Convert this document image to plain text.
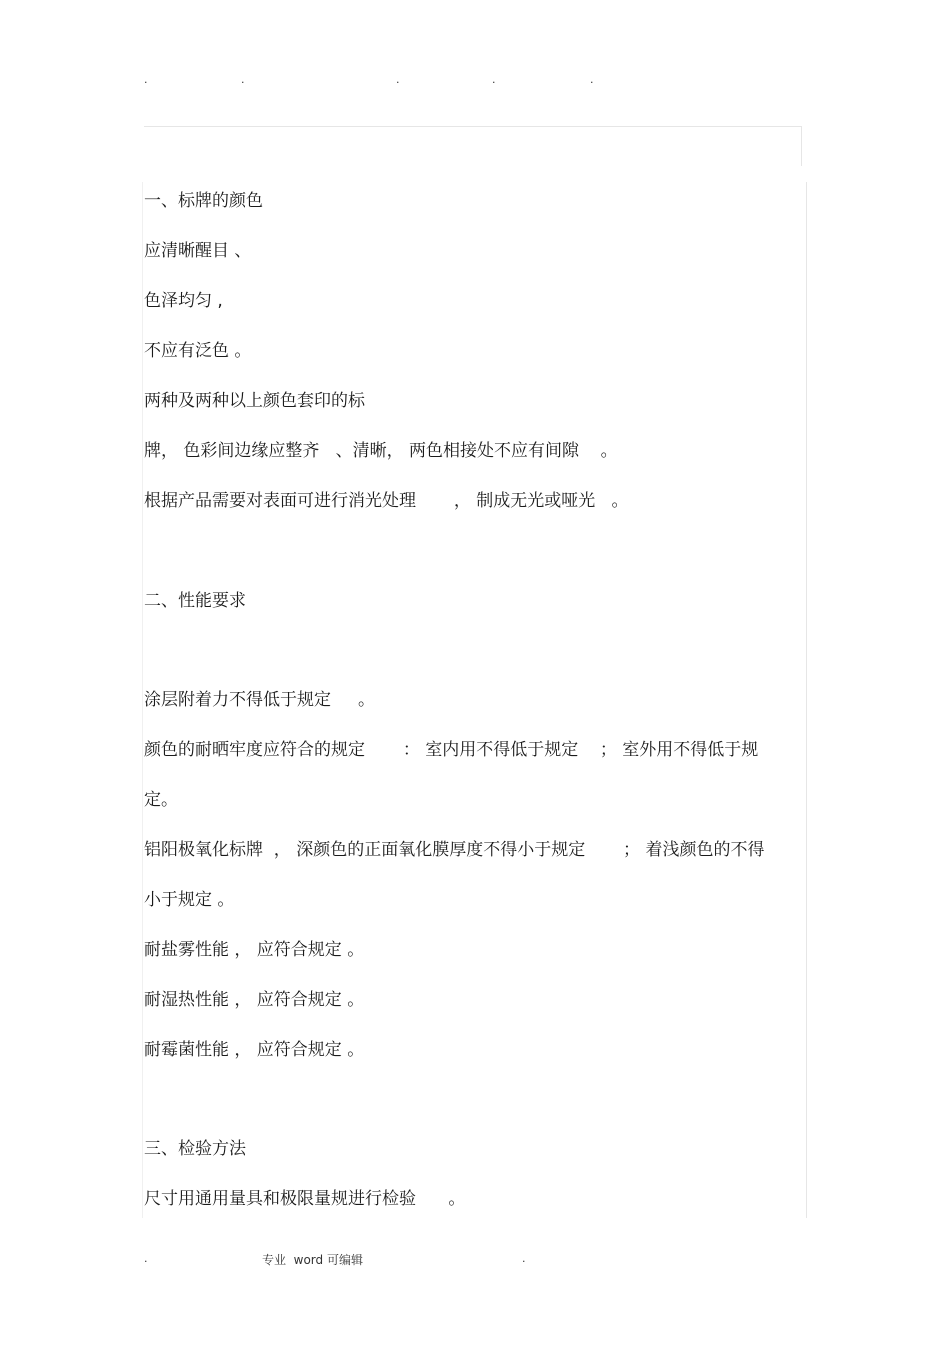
.	.	.	.	.
一、标牌的颜色
应清晰醒目 、
色泽均匀 ,
不应有泛色 。
两种及两种以上颜色套印的标
牌， 色彩间边缘应整齐   、清晰， 两色相接处不应有间隙    。
根据产品需要对表面可进行消光处理       ， 制成无光或哑光   。
二、性能要求
涂层附着力不得低于规定     。
颜色的耐晒牢度应符合的规定       ： 室内用不得低于规定    ； 室外用不得低于规
定。
铝阳极氧化标牌  ， 深颜色的正面氧化膜厚度不得小于规定       ； 着浅颜色的不得
小于规定 。
耐盐雾性能 ， 应符合规定 。
耐湿热性能 ， 应符合规定 。
耐霉菌性能 ， 应符合规定 。
三、检验方法
尺寸用通用量具和极限量规进行检验      。
.	专业  word 可编辑	.
